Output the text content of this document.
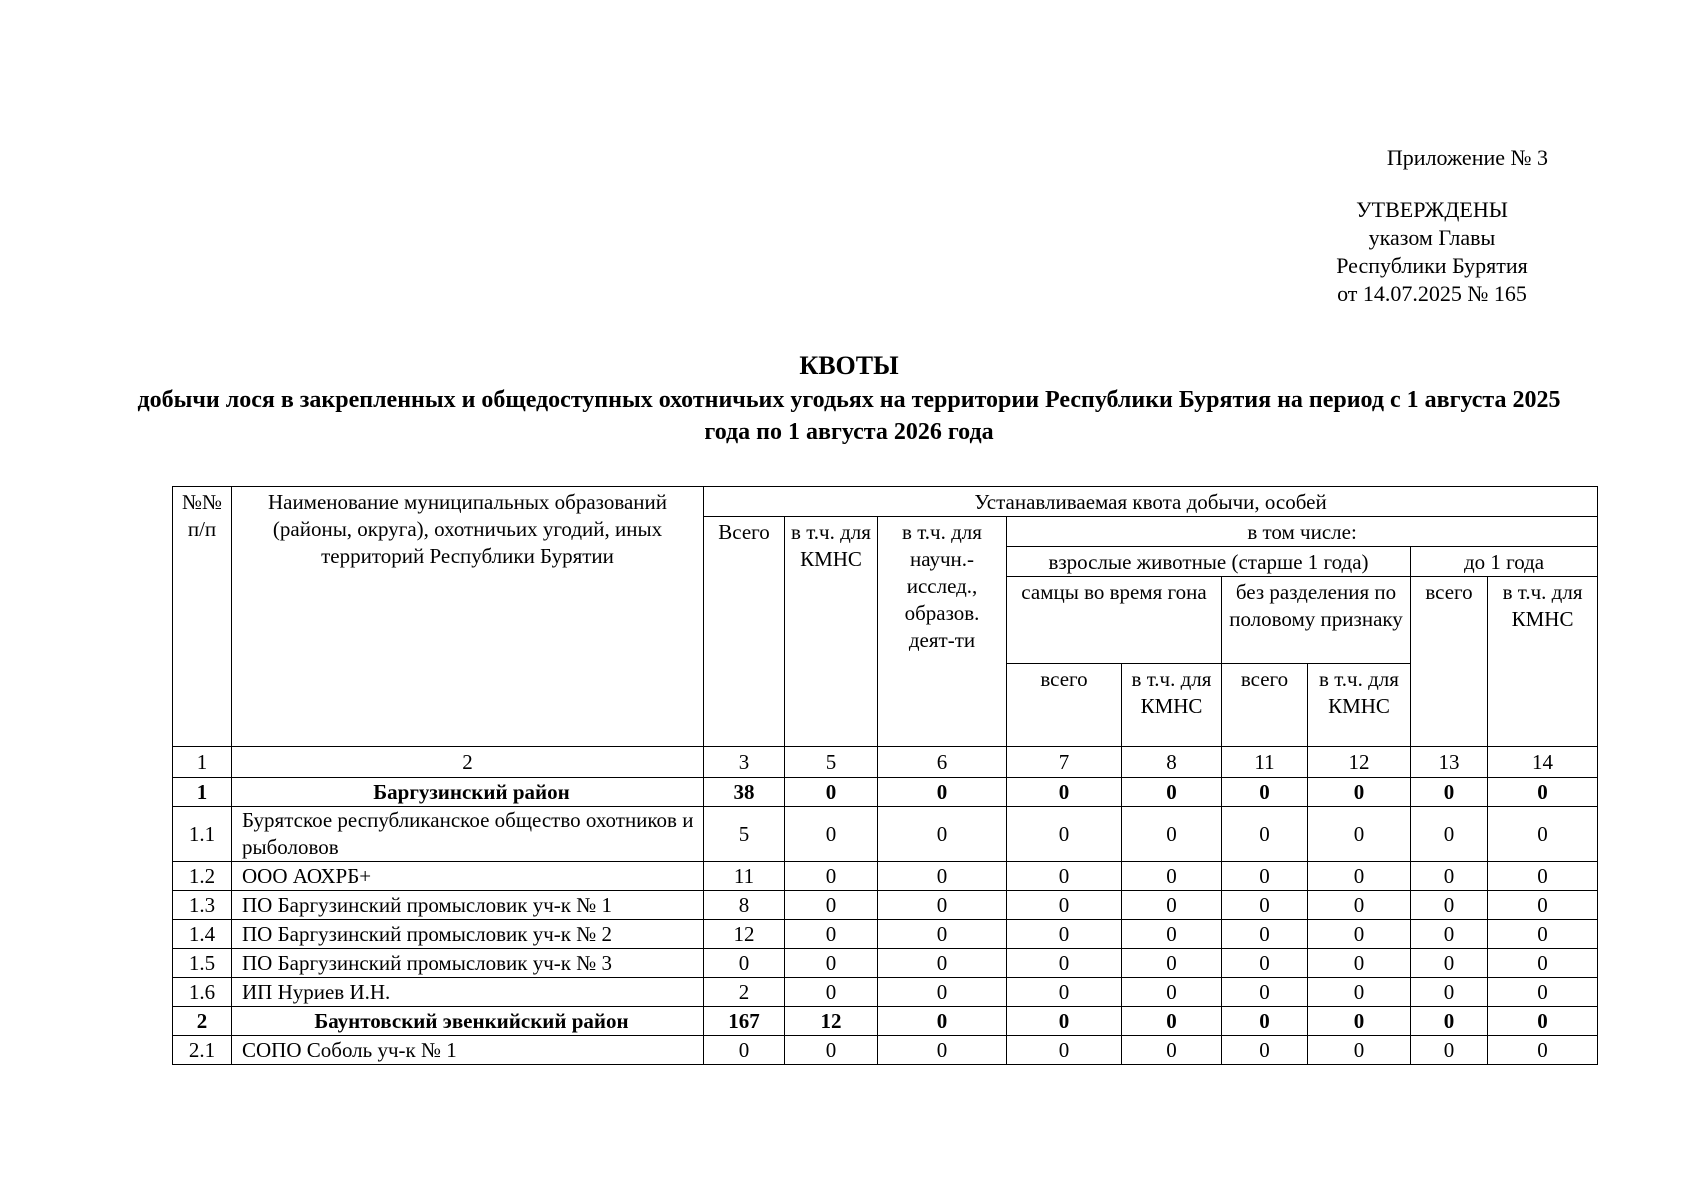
Приложение № 3
УТВЕРЖДЕНЫ
указом Главы
Республики Бурятия
от 14.07.2025 № 165
КВОТЫ
добычи лося в закрепленных и общедоступных охотничьих угодьях на территории Республики Бурятия на период с 1 августа 2025 года по 1 августа 2026 года
№№ п/п	Наименование муниципальных образований (районы, округа), охотничьих угодий, иных территорий Республики Бурятии	Устанавливаемая квота добычи, особей								
		Всего	в т.ч. для КМНС	в т.ч. для научн.- исслед., образов. деят-ти	в том числе:					
					взрослые животные (старше 1 года)				до 1 года	
					самцы во время гона		без разделения по половому признаку		всего	в т.ч. для КМНС
					всего	в т.ч. для КМНС	всего	в т.ч. для КМНС		
1	2	3	5	6	7	8	11	12	13	14
1	Баргузинский район	38	0	0	0	0	0	0	0	0
1.1	Бурятское республиканское общество охотников и рыболовов	5	0	0	0	0	0	0	0	0
1.2	ООО АОХРБ+	11	0	0	0	0	0	0	0	0
1.3	ПО Баргузинский промысловик уч-к № 1	8	0	0	0	0	0	0	0	0
1.4	ПО Баргузинский промысловик уч-к № 2	12	0	0	0	0	0	0	0	0
1.5	ПО Баргузинский промысловик уч-к № 3	0	0	0	0	0	0	0	0	0
1.6	ИП Нуриев И.Н.	2	0	0	0	0	0	0	0	0
2	Баунтовский эвенкийский район	167	12	0	0	0	0	0	0	0
2.1	СОПО Соболь уч-к № 1	0	0	0	0	0	0	0	0	0
